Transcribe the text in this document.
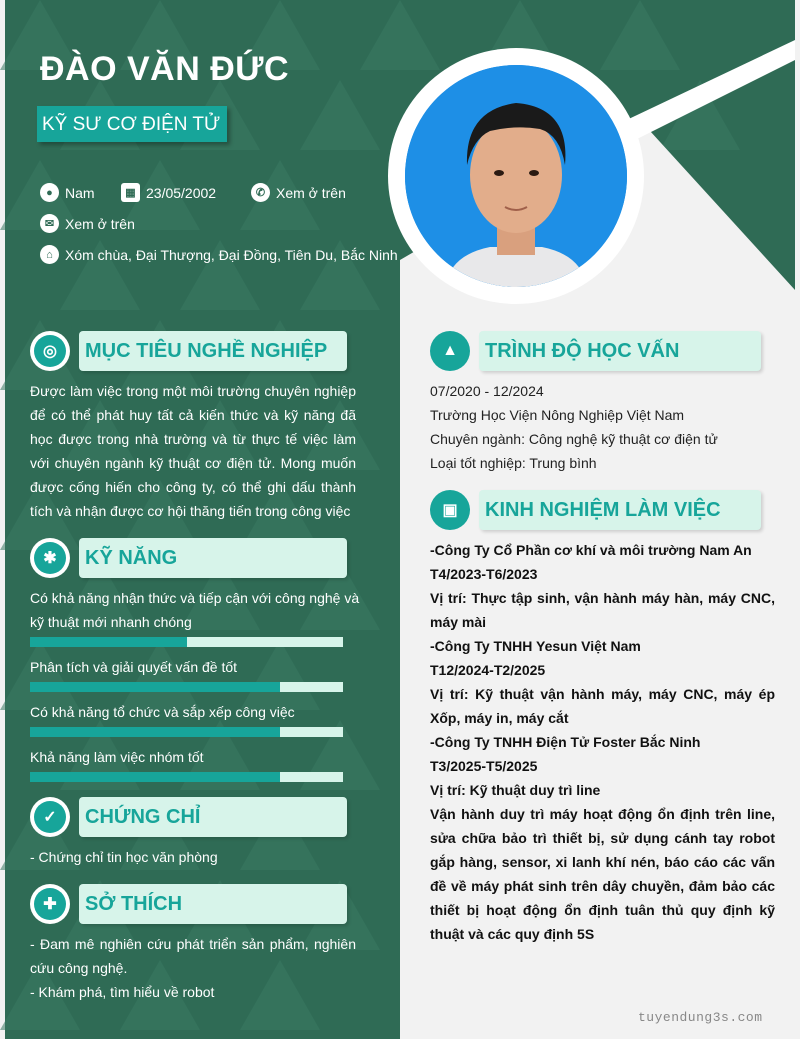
ĐÀO VĂN ĐỨC
KỸ SƯ CƠ ĐIỆN TỬ
● Nam	▦ 23/05/2002	✆ Xem ở trên
✉ Xem ở trên
⌂ Xóm chùa, Đại Thượng, Đại Đồng, Tiên Du, Bắc Ninh
◎	MỤC TIÊU NGHỀ NGHIỆP
Được làm việc trong một môi trường chuyên nghiệp để có thể phát huy tất cả kiến thức và kỹ năng đã học được trong nhà trường và từ thực tế việc làm với chuyên ngành kỹ thuật cơ điện tử. Mong muốn được cống hiến cho công ty, có thể ghi dấu thành tích và nhận được cơ hội thăng tiến trong công việc
✱	KỸ NĂNG
Có khả năng nhận thức và tiếp cận với công nghệ và
kỹ thuật mới nhanh chóng
Phân tích và giải quyết vấn đề tốt
Có khả năng tổ chức và sắp xếp công việc
Khả năng làm việc nhóm tốt
✓	CHỨNG CHỈ
- Chứng chỉ tin học văn phòng
✚	SỞ THÍCH
- Đam mê nghiên cứu phát triển sản phẩm, nghiên cứu công nghệ.
- Khám phá, tìm hiểu về robot
▲	TRÌNH ĐỘ HỌC VẤN
07/2020 - 12/2024
Trường Học Viện Nông Nghiệp Việt Nam
Chuyên ngành: Công nghệ kỹ thuật cơ điện tử
Loại tốt nghiệp: Trung bình
▣	KINH NGHIỆM LÀM VIỆC
-Công Ty Cổ Phần cơ khí và môi trường Nam An
T4/2023-T6/2023
Vị trí: Thực tập sinh, vận hành máy hàn, máy CNC, máy mài
-Công Ty TNHH Yesun Việt Nam
T12/2024-T2/2025
Vị trí: Kỹ thuật vận hành máy, máy CNC, máy ép Xốp, máy in, máy cắt
-Công Ty TNHH Điện Tử Foster Bắc Ninh
T3/2025-T5/2025
Vị trí: Kỹ thuật duy trì line
Vận hành duy trì máy hoạt động ổn định trên line, sửa chữa bảo trì thiết bị, sử dụng cánh tay robot gắp hàng, sensor, xi lanh khí nén, báo cáo các vấn đề về máy phát sinh trên dây chuyền, đảm bảo các thiết bị hoạt động ổn định tuân thủ quy định kỹ thuật và các quy định 5S
tuyendung3s.com
